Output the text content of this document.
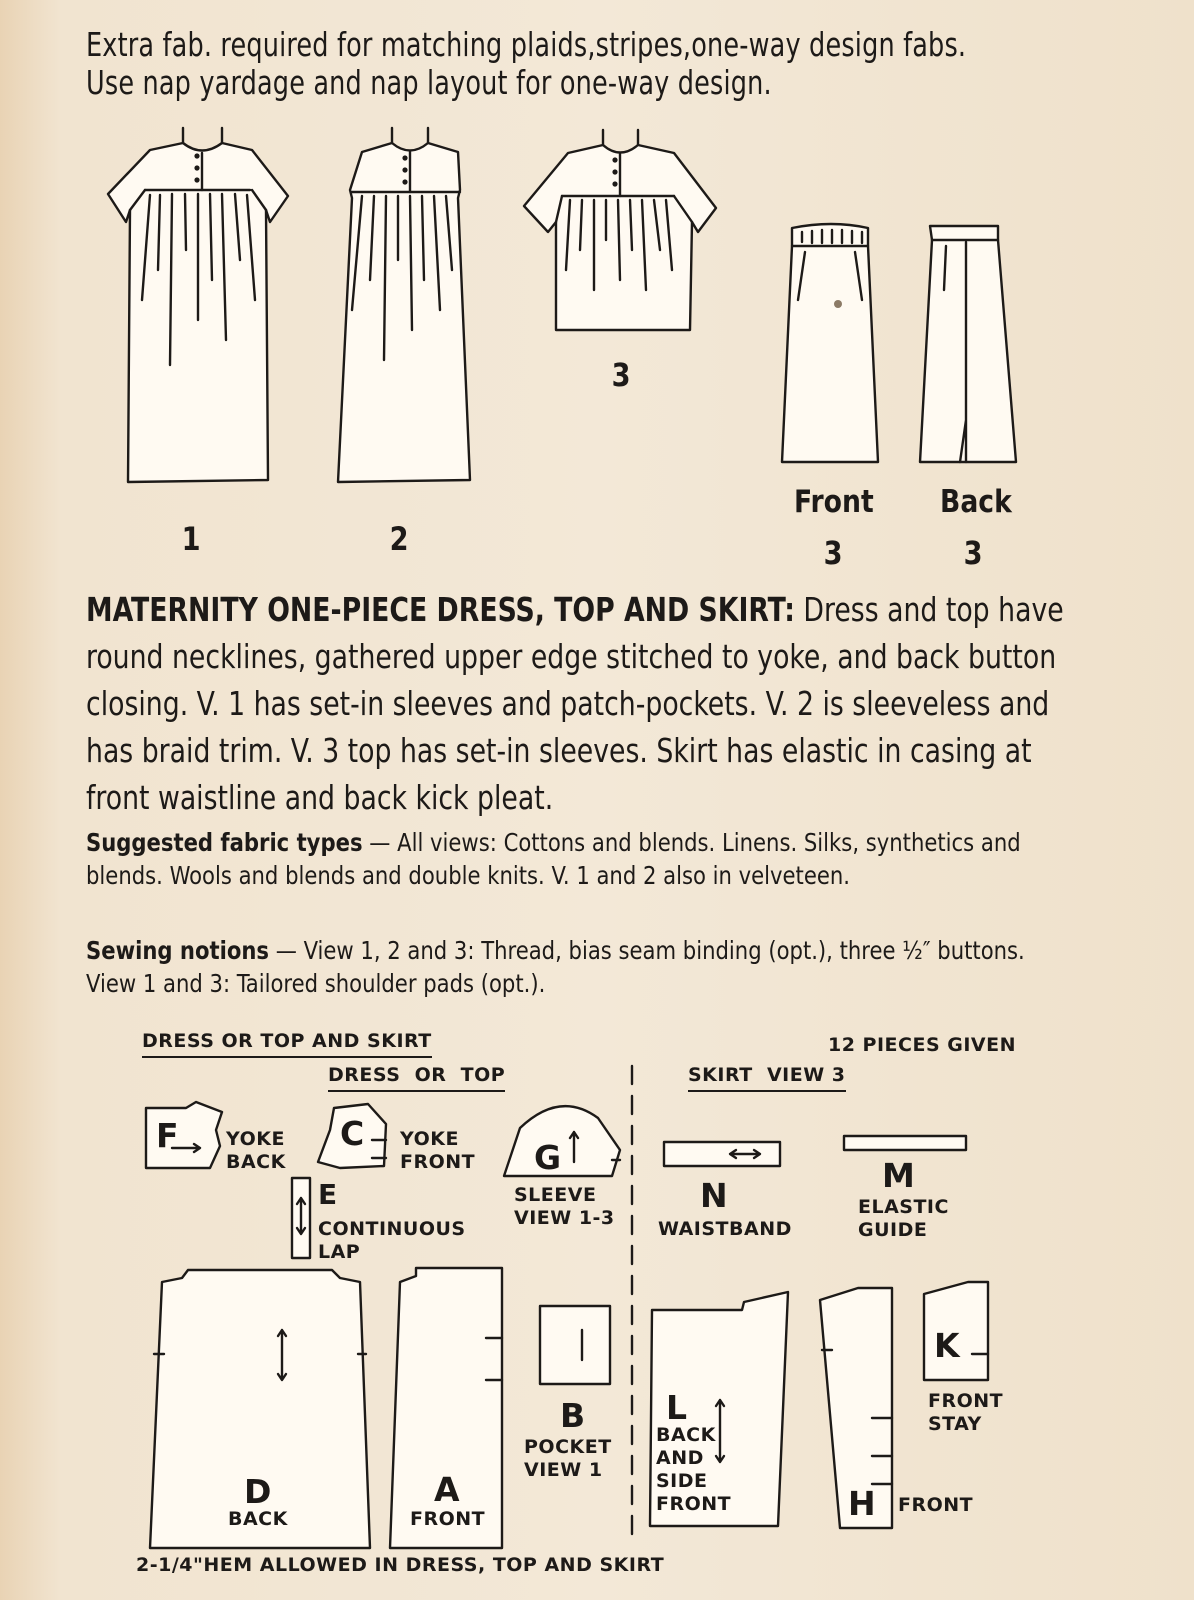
Extra fab. required for matching plaids,stripes,one-way design fabs.
Use nap yardage and nap layout for one-way design.
1	2
3
Front
3
Back
3
MATERNITY ONE-PIECE DRESS, TOP AND SKIRT: Dress and top have round necklines, gathered upper edge stitched to yoke, and back button closing. V. 1 has set-in sleeves and patch-pockets. V. 2 is sleeveless and has braid trim. V. 3 top has set-in sleeves. Skirt has elastic in casing at front waistline and back kick pleat.
Suggested fabric types — All views: Cottons and blends. Linens. Silks, synthetics and blends. Wools and blends and double knits. V. 1 and 2 also in velveteen.
Sewing notions — View 1, 2 and 3: Thread, bias seam binding (opt.), three ½″ buttons. View 1 and 3: Tailored shoulder pads (opt.).
DRESS OR TOP AND SKIRT
DRESS  OR  TOP	SKIRT  VIEW 3
12 PIECES GIVEN
F YOKE
BACK
C YOKE
FRONT G
SLEEVE
VIEW 1-3
E
CONTINUOUS
LAP
N
WAISTBAND
M
ELASTIC
GUIDE
D
BACK
A
FRONT
B
POCKET
VIEW 1
L
BACK
AND
SIDE
FRONT	H FRONT
K
FRONT
STAY
2-1/4"HEM ALLOWED IN DRESS, TOP AND SKIRT
